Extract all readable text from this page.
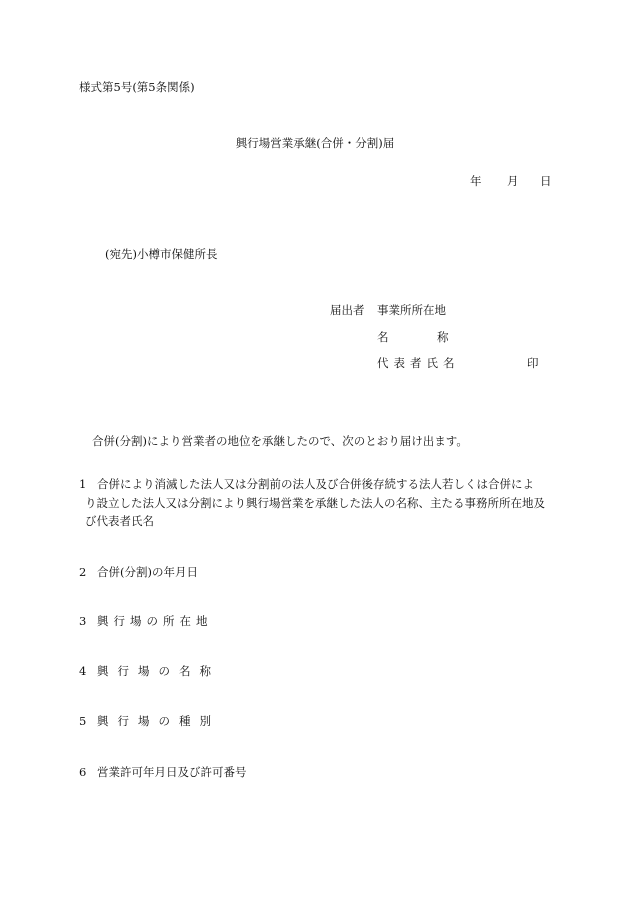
様式第5号(第5条関係)
興行場営業承継(合併・分割)届
年 月 日
(宛先)小樽市保健所長
届出者 事業所所在地
名	称
代表者氏名	印
合併(分割)により営業者の地位を承継したので、次のとおり届け出ます。
1 合併により消滅した法人又は分割前の法人及び合併後存続する法人若しくは合併によ
り設立した法人又は分割により興行場営業を承継した法人の名称、主たる事務所所在地及
び代表者氏名
2 合併(分割)の年月日
3 興行場の所在地
4 興行場の名称
5 興行場の種別
6 営業許可年月日及び許可番号
